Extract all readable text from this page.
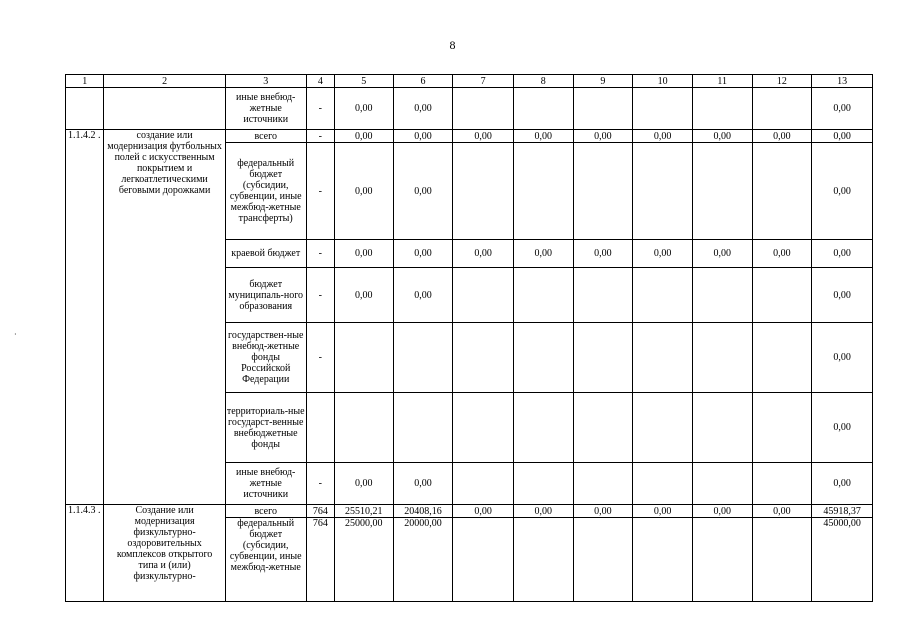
8
·
1	2	3	4	5	6	7	8	9	10	11	12	13
		иные внебюд-жетные источники	-	0,00	0,00							0,00
1.1.4.2 .	создание или модернизация футбольных полей с искусственным покрытием и легкоатлетическими беговыми дорожками	всего	-	0,00	0,00	0,00	0,00	0,00	0,00	0,00	0,00	0,00
		федеральный бюджет (субсидии, субвенции, иные межбюд-жетные трансферты)	-	0,00	0,00							0,00
		краевой бюджет	-	0,00	0,00	0,00	0,00	0,00	0,00	0,00	0,00	0,00
		бюджет муниципаль-ного образования	-	0,00	0,00							0,00
		государствен-ные внебюд-жетные фонды Российской Федерации	-									0,00
		территориаль-ные государст-венные внебюджетные фонды										0,00
		иные внебюд-жетные источники	-	0,00	0,00							0,00
1.1.4.3 .	Создание или модернизация физкультурно-оздоровительных комплексов открытого типа и (или) физкультурно-	всего	764	25510,21	20408,16	0,00	0,00	0,00	0,00	0,00	0,00	45918,37
		федеральный бюджет (субсидии, субвенции, иные межбюд-жетные	764	25000,00	20000,00							45000,00
